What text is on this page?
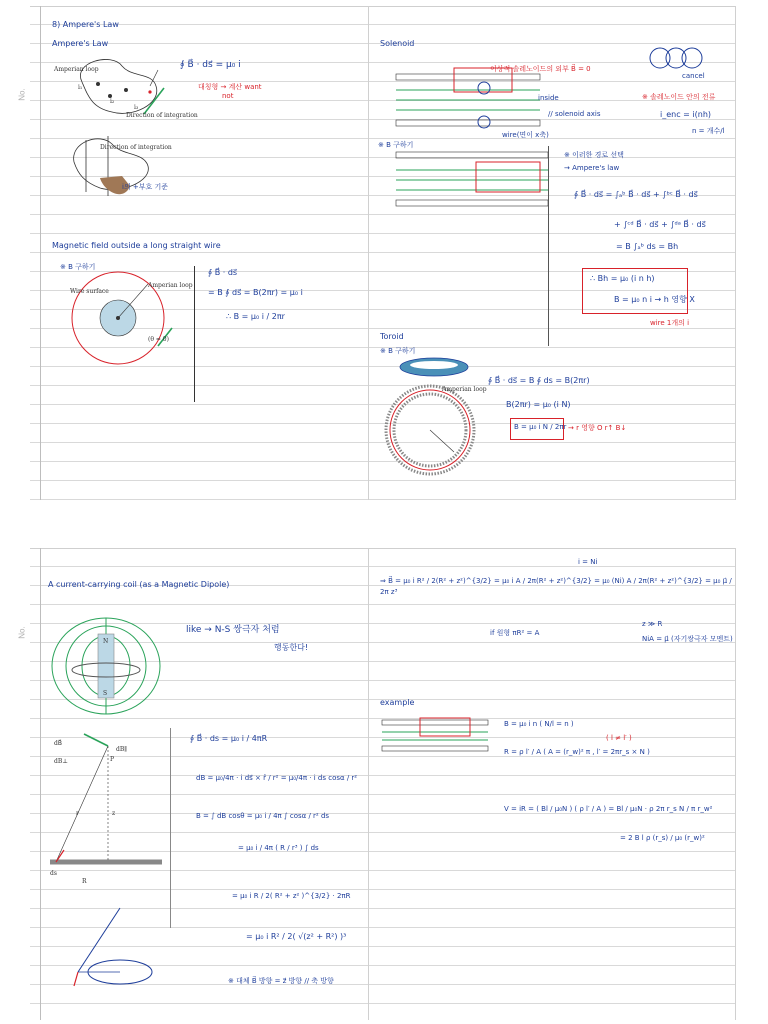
No.
8) Ampere's Law
Ampere's Law
Amperian loop
i₁
i₂
i₃
Direction of integration
∮ B⃗ · ds⃗ = μ₀ i
대칭형 → 계산 want
not
Direction of integration
i의 +부호 기준
Magnetic field outside a long straight wire
※ B 구하기
Wire surface
Amperian loop
(θ = 0)
∮ B⃗ · ds⃗
= B ∮ ds⃗ = B(2πr) = μ₀ i
∴ B = μ₀ i / 2πr
Solenoid
이상적 솔레노이드의 외부 B⃗ = 0
inside
// solenoid axis
wire(면이 x축)
cancel
※ 솔레노이드 안의 전류
i_enc = i(nh)
n = 개수/l
※ B 구하기
※ 이러한 경로 선택
→ Ampere's law
∮ B⃗ · ds⃗ = ∫ₐᵇ B⃗ · ds⃗ + ∫ᵇᶜ B⃗ · ds⃗
+ ∫ᶜᵈ B⃗ · ds⃗ + ∫ᵈᵃ B⃗ · ds⃗
= B ∫ₐᵇ ds = Bh
∴ Bh = μ₀ (i n h)
B = μ₀ n i → h 영향 X
wire 1개의 i
Toroid
※ B 구하기
Amperian loop
∮ B⃗ · ds⃗ = B ∮ ds = B(2πr)
B(2πr) = μ₀ (i N)
B = μ₀ i N / 2πr → r 영향 O r↑ B↓
No.
A current-carrying coil (as a Magnetic Dipole)
N
S
like → N-S 쌍극자 처럼
행동한다!
dB⃗
dB∥
dB⊥	P
r	z
R
ds
∮ B⃗ · ds = μ₀ i / 4πR
dB = μ₀/4π · i ds⃗ × r̂ / r² = μ₀/4π · i ds cosα / r²
B = ∫ dB cosθ = μ₀ i / 4π ∫ cosα / r² ds
= μ₀ i / 4π ( R / r³ ) ∫ ds
= μ₀ i R / 2( R² + z² )^{3/2} · 2πR
= μ₀ i R² / 2( √(z² + R²) )³
※ 대체 B⃗ 방향 = z⃗ 방향 // 축 방향
i = Ni
⇒ B⃗ = μ₀ i R² / 2(R² + z²)^{3/2} = μ₀ i A / 2π(R² + z²)^{3/2} = μ₀ (Ni) A / 2π(R² + z²)^{3/2} = μ₀ μ⃗ / 2π z³
if 원형 πR² = A
z ≫ R
NiA = μ⃗ (자기쌍극자 모멘트)
example
B = μ₀ i n ( N/l = n )
( l ≠ l′ )
R = ρ l′ / A ( A = (r_w)² π , l′ = 2πr_s × N )
V = iR = ( Bl / μ₀N ) ( ρ l′ / A ) = Bl / μ₀N · ρ 2π r_s N / π r_w²
= 2 B l ρ (r_s) / μ₀ (r_w)²
